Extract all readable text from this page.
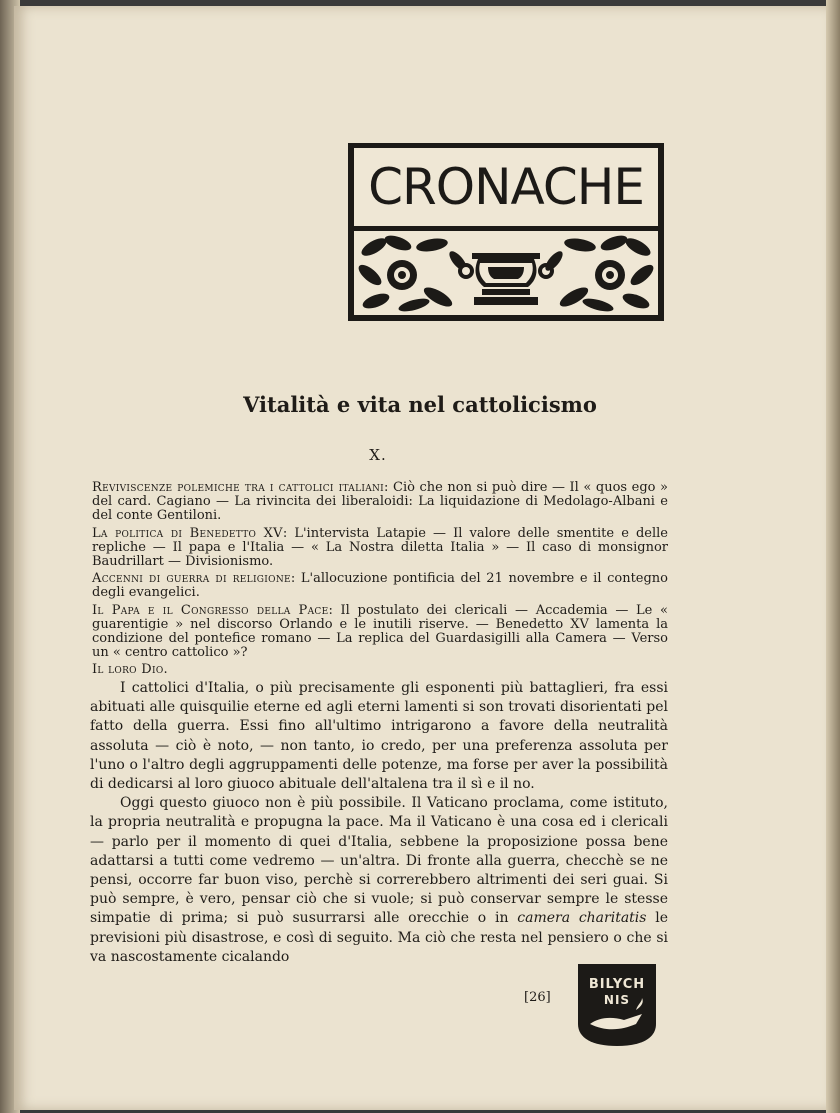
CRONACHE
Vitalità e vita nel cattolicismo
X.

Reviviscenze polemiche tra i cattolici italiani: Ciò che non si può dire — Il « quos ego » del card. Cagiano — La rivincita dei liberaloidi: La liquidazione di Medolago-Albani e del conte Gentiloni.

La politica di Benedetto XV: L'intervista Latapie — Il valore delle smentite e delle repliche — Il papa e l'Italia — « La Nostra diletta Italia » — Il caso di monsignor Baudrillart — Divisionismo.

Accenni di guerra di religione: L'allocuzione pontificia del 21 novembre e il contegno degli evangelici.

Il Papa e il Congresso della Pace: Il postulato dei clericali — Accademia — Le « guarentigie » nel discorso Orlando e le inutili riserve. — Benedetto XV lamenta la condizione del pontefice romano — La replica del Guardasigilli alla Camera — Verso un « centro cattolico »?

Il loro Dio.

I cattolici d'Italia, o più precisamente gli esponenti più battaglieri, fra essi abituati alle quisquilie eterne ed agli eterni lamenti si son trovati disorientati pel fatto della guerra. Essi fino all'ultimo intrigarono a favore della neutralità assoluta — ciò è noto, — non tanto, io credo, per una preferenza assoluta per l'uno o l'altro degli aggruppamenti delle potenze, ma forse per aver la possibilità di dedicarsi al loro giuoco abituale dell'altalena tra il sì e il no.

Oggi questo giuoco non è più possibile. Il Vaticano proclama, come istituto, la propria neutralità e propugna la pace. Ma il Vaticano è una cosa ed i clericali — parlo per il momento di quei d'Italia, sebbene la proposizione possa bene adattarsi a tutti come vedremo — un'altra. Di fronte alla guerra, checchè se ne pensi, occorre far buon viso, perchè si correrebbero altrimenti dei seri guai. Si può sempre, è vero, pensar ciò che si vuole; si può conservar sempre le stesse simpatie di prima; si può susurrarsi alle orecchie o in camera charitatis le previsioni più disastrose, e così di seguito. Ma ciò che resta nel pensiero o che si va nascostamente cicalando

[26]
BILYCH
NIS
